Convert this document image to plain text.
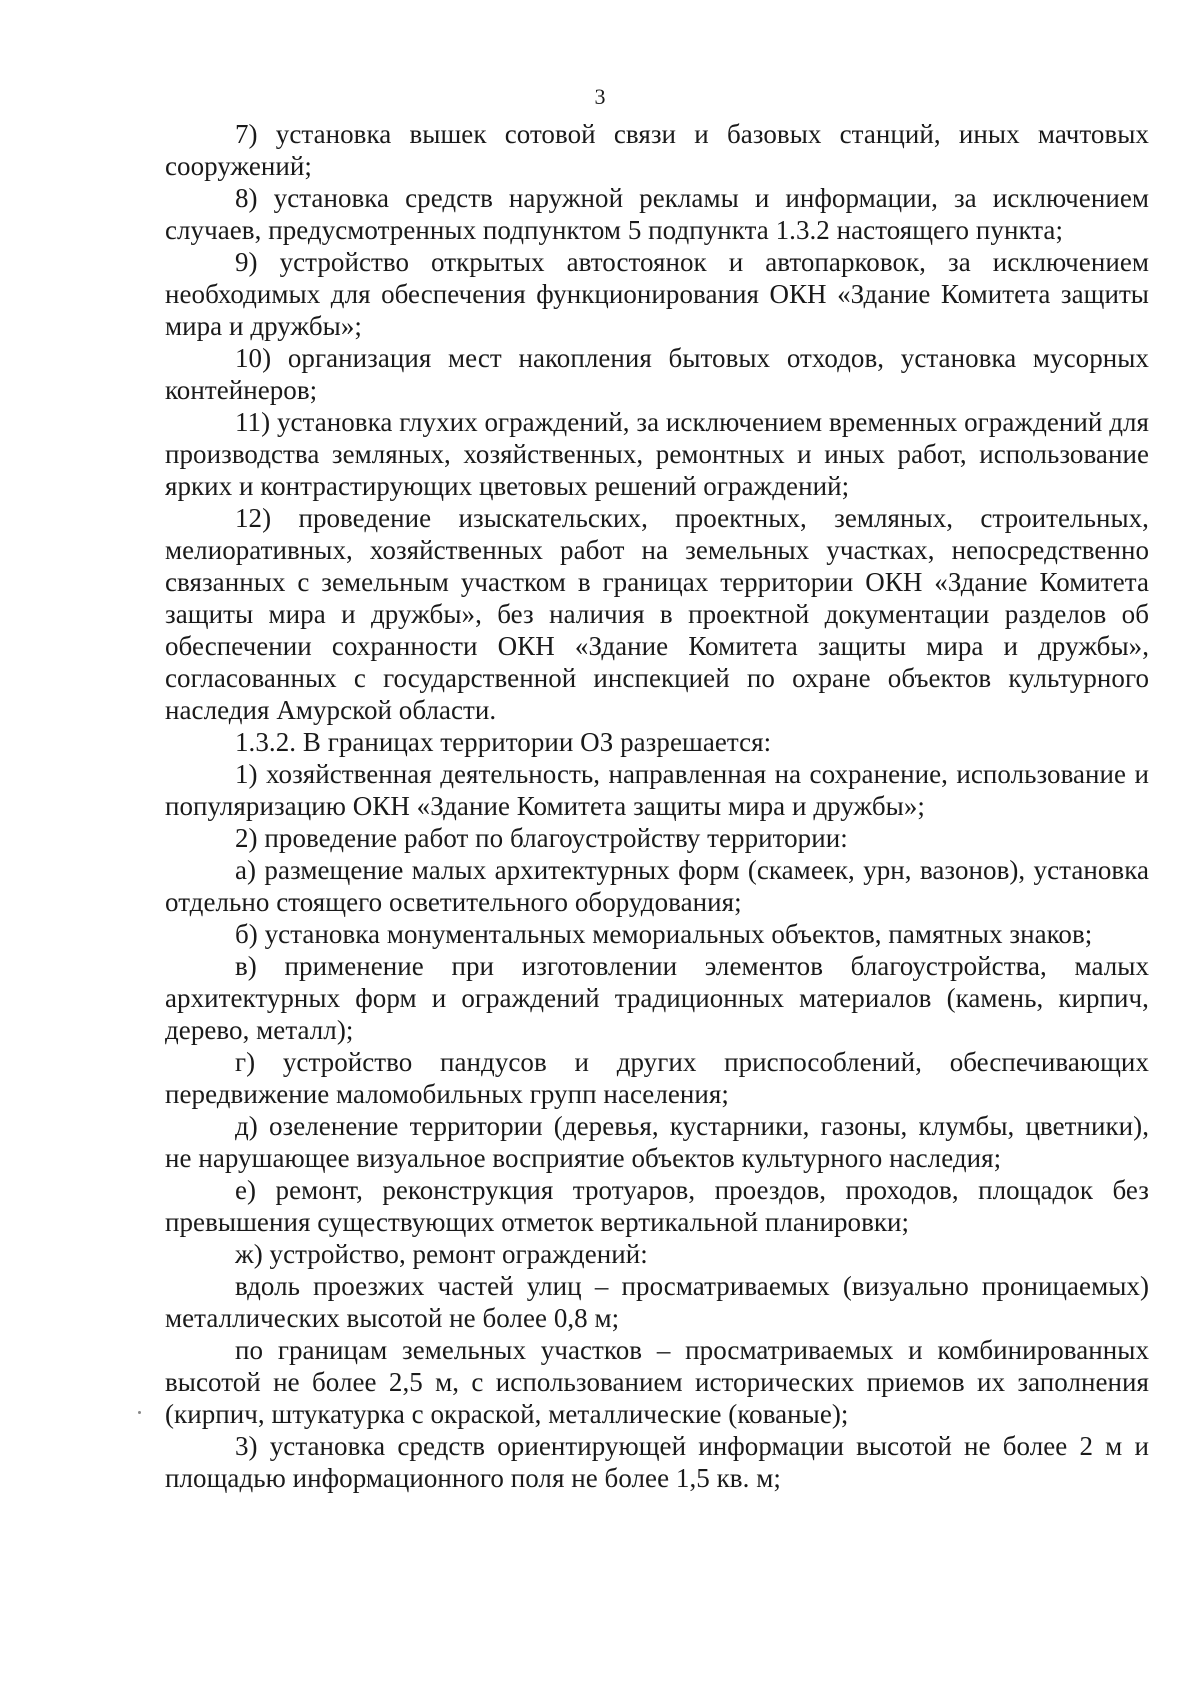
3

7) установка вышек сотовой связи и базовых станций, иных мачтовых сооружений;

8) установка средств наружной рекламы и информации, за исключением случаев, предусмотренных подпунктом 5 подпункта 1.3.2 настоящего пункта;

9) устройство открытых автостоянок и автопарковок, за исключением необходимых для обеспечения функционирования ОКН «Здание Комитета защиты мира и дружбы»;

10) организация мест накопления бытовых отходов, установка мусорных контейнеров;

11) установка глухих ограждений, за исключением временных ограждений для производства земляных, хозяйственных, ремонтных и иных работ, использование ярких и контрастирующих цветовых решений ограждений;

12) проведение изыскательских, проектных, земляных, строительных, мелиоративных, хозяйственных работ на земельных участках, непосредственно связанных с земельным участком в границах территории ОКН «Здание Комитета защиты мира и дружбы», без наличия в проектной документации разделов об обеспечении сохранности ОКН «Здание Комитета защиты мира и дружбы», согласованных с государственной инспекцией по охране объектов культурного наследия Амурской области.

1.3.2. В границах территории ОЗ разрешается:

1) хозяйственная деятельность, направленная на сохранение, использование и популяризацию ОКН «Здание Комитета защиты мира и дружбы»;

2) проведение работ по благоустройству территории:

а) размещение малых архитектурных форм (скамеек, урн, вазонов), установка отдельно стоящего осветительного оборудования;

б) установка монументальных мемориальных объектов, памятных знаков;

в) применение при изготовлении элементов благоустройства, малых архитектурных форм и ограждений традиционных материалов (камень, кирпич, дерево, металл);

г) устройство пандусов и других приспособлений, обеспечивающих передвижение маломобильных групп населения;

д) озеленение территории (деревья, кустарники, газоны, клумбы, цветники), не нарушающее визуальное восприятие объектов культурного наследия;

е) ремонт, реконструкция тротуаров, проездов, проходов, площадок без превышения существующих отметок вертикальной планировки;

ж) устройство, ремонт ограждений:

вдоль проезжих частей улиц – просматриваемых (визуально проницаемых) металлических высотой не более 0,8 м;

по границам земельных участков – просматриваемых и комбинированных высотой не более 2,5 м, с использованием исторических приемов их заполнения (кирпич, штукатурка с окраской, металлические (кованые);

3) установка средств ориентирующей информации высотой не более 2 м и площадью информационного поля не более 1,5 кв. м;
